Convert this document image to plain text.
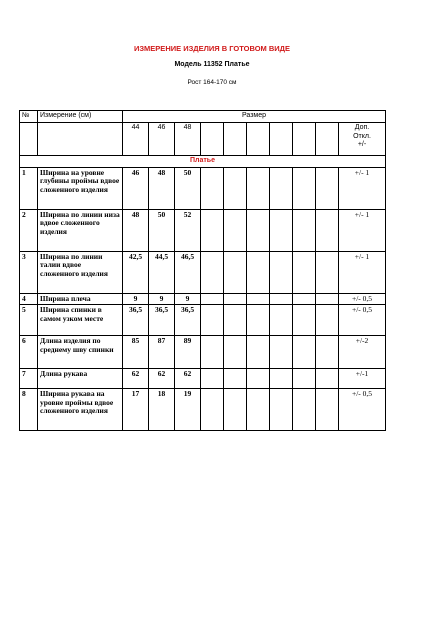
ИЗМЕРЕНИЕ ИЗДЕЛИЯ В ГОТОВОМ ВИДЕ
Модель 11352 Платье
Рост 164-170 см
№	Измерение (см)	Размер									
		44	46	48							Доп.
Откл.
+/-
Платье											
1	Ширина на уровне глубины проймы вдвое сложенного изделия	46	48	50							+/- 1
2	Ширина по линии низа вдвое сложенного изделия	48	50	52							+/- 1
3	Ширина по линии талии вдвое сложенного изделия	42,5	44,5	46,5							+/- 1
4	Ширина плеча	9	9	9							+/- 0,5
5	Ширина спинки в самом узком месте	36,5	36,5	36,5							+/- 0,5
6	Длина изделия по среднему шву спинки	85	87	89							+/-2
7	Длина рукава	62	62	62							+/-1
8	Ширина рукава на уровне проймы вдвое сложенного изделия	17	18	19							+/- 0,5
